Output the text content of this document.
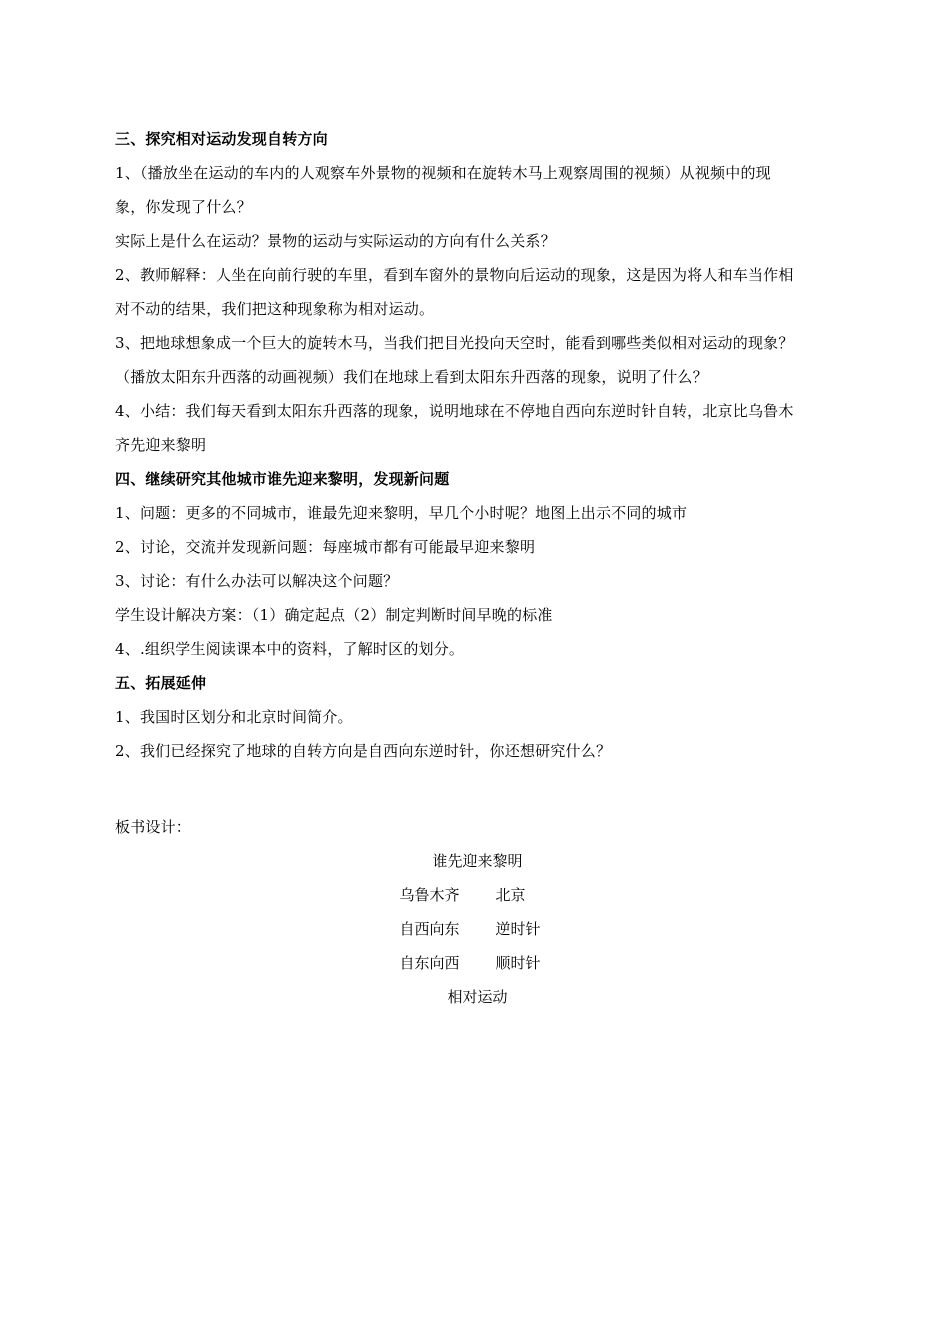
三、探究相对运动发现自转方向
1、（播放坐在运动的车内的人观察车外景物的视频和在旋转木马上观察周围的视频）从视频中的现
象，你发现了什么？
实际上是什么在运动？景物的运动与实际运动的方向有什么关系？
2、教师解释：人坐在向前行驶的车里，看到车窗外的景物向后运动的现象，这是因为将人和车当作相
对不动的结果，我们把这种现象称为相对运动。
3、把地球想象成一个巨大的旋转木马，当我们把目光投向天空时，能看到哪些类似相对运动的现象？
（播放太阳东升西落的动画视频）我们在地球上看到太阳东升西落的现象，说明了什么？
4、小结：我们每天看到太阳东升西落的现象，说明地球在不停地自西向东逆时针自转，北京比乌鲁木
齐先迎来黎明
四、继续研究其他城市谁先迎来黎明，发现新问题
1、问题：更多的不同城市，谁最先迎来黎明，早几个小时呢？地图上出示不同的城市
2、讨论，交流并发现新问题：每座城市都有可能最早迎来黎明
3、讨论：有什么办法可以解决这个问题？
学生设计解决方案：（1）确定起点（2）制定判断时间早晚的标准
4、.组织学生阅读课本中的资料，了解时区的划分。
五、拓展延伸
1、我国时区划分和北京时间简介。
2、我们已经探究了地球的自转方向是自西向东逆时针，你还想研究什么？
板书设计：
谁先迎来黎明
乌鲁木齐 北京
自西向东 逆时针
自东向西 顺时针
相对运动
